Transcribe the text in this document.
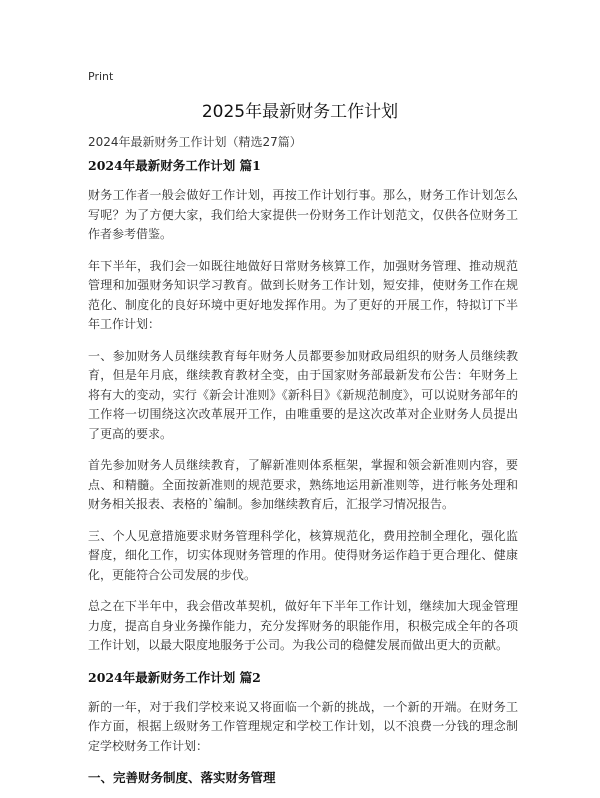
Print
2025年最新财务工作计划
2024年最新财务工作计划（精选27篇）
2024年最新财务工作计划 篇1
财务工作者一般会做好工作计划，再按工作计划行事。那么，财务工作计划怎么写呢？为了方便大家，我们给大家提供一份财务工作计划范文，仅供各位财务工作者参考借鉴。
年下半年，我们会一如既往地做好日常财务核算工作，加强财务管理、推动规范管理和加强财务知识学习教育。做到长财务工作计划，短安排，使财务工作在规范化、制度化的良好环境中更好地发挥作用。为了更好的开展工作，特拟订下半年工作计划：
一、参加财务人员继续教育每年财务人员都要参加财政局组织的财务人员继续教育，但是年月底，继续教育教材全变，由于国家财务部最新发布公告：年财务上将有大的变动，实行《新会计准则》《新科目》《新规范制度》，可以说财务部年的工作将一切围绕这次改革展开工作，由唯重要的是这次改革对企业财务人员提出了更高的要求。
首先参加财务人员继续教育，了解新准则体系框架，掌握和领会新准则内容，要点、和精髓。全面按新准则的规范要求，熟练地运用新准则等，进行帐务处理和财务相关报表、表格的`编制。参加继续教育后，汇报学习情况报告。
三、个人见意措施要求财务管理科学化，核算规范化，费用控制全理化，强化监督度，细化工作，切实体现财务管理的作用。使得财务运作趋于更合理化、健康化，更能符合公司发展的步伐。
总之在下半年中，我会借改革契机，做好年下半年工作计划，继续加大现金管理力度，提高自身业务操作能力，充分发挥财务的职能作用，积极完成全年的各项工作计划，以最大限度地服务于公司。为我公司的稳健发展而做出更大的贡献。
2024年最新财务工作计划 篇2
新的一年，对于我们学校来说又将面临一个新的挑战，一个新的开端。在财务工作方面，根据上级财务工作管理规定和学校工作计划，以不浪费一分钱的理念制定学校财务工作计划：
一、完善财务制度、落实财务管理
